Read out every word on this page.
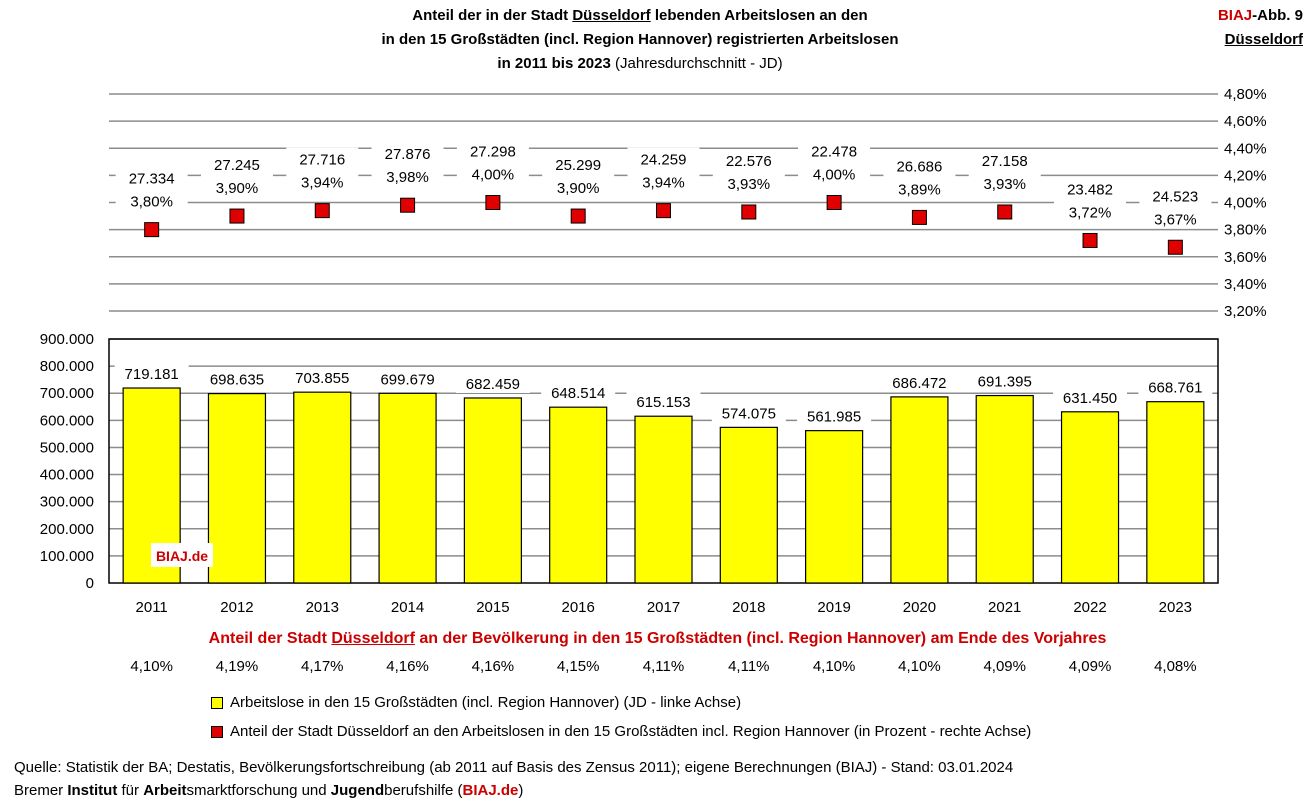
Anteil der in der Stadt Düsseldorf lebenden Arbeitslosen an den
in den 15 Großstädten (incl. Region Hannover) registrierten Arbeitslosen
in 2011 bis 2023 (Jahresdurchschnitt - JD)
BIAJ-Abb. 9
Düsseldorf
3,20%
3,40%
3,60%
3,80%
4,00%
4,20%
4,40%
4,60%
4,80%
0
100.000
200.000
300.000
400.000
500.000
600.000
700.000
800.000
900.000
719.181
2011
27.334
3,80%
4,10%
698.635
2012
27.245
3,90%
4,19%
703.855
2013
27.716
3,94%
4,17%
699.679
2014
27.876
3,98%
4,16%
682.459
2015
27.298
4,00%
4,16%
648.514
2016
25.299
3,90%
4,15%
615.153
2017
24.259
3,94%
4,11%
574.075
2018
22.576
3,93%
4,11%
561.985
2019
22.478
4,00%
4,10%
686.472
2020
26.686
3,89%
4,10%
691.395
2021
27.158
3,93%
4,09%
631.450
2022
23.482
3,72%
4,09%
668.761
2023
24.523
3,67%
4,08%
BIAJ.de
Anteil der Stadt Düsseldorf an der Bevölkerung in den 15 Großstädten (incl. Region Hannover) am Ende des Vorjahres
Arbeitslose in den 15 Großstädten (incl. Region Hannover) (JD - linke Achse)
Anteil der Stadt Düsseldorf an den Arbeitslosen in den 15 Großstädten incl. Region Hannover (in Prozent - rechte Achse)
Quelle: Statistik der BA; Destatis, Bevölkerungsfortschreibung (ab 2011 auf Basis des Zensus 2011); eigene Berechnungen (BIAJ) - Stand: 03.01.2024
Bremer Institut für Arbeitsmarktforschung und Jugendberufshilfe (BIAJ.de)
